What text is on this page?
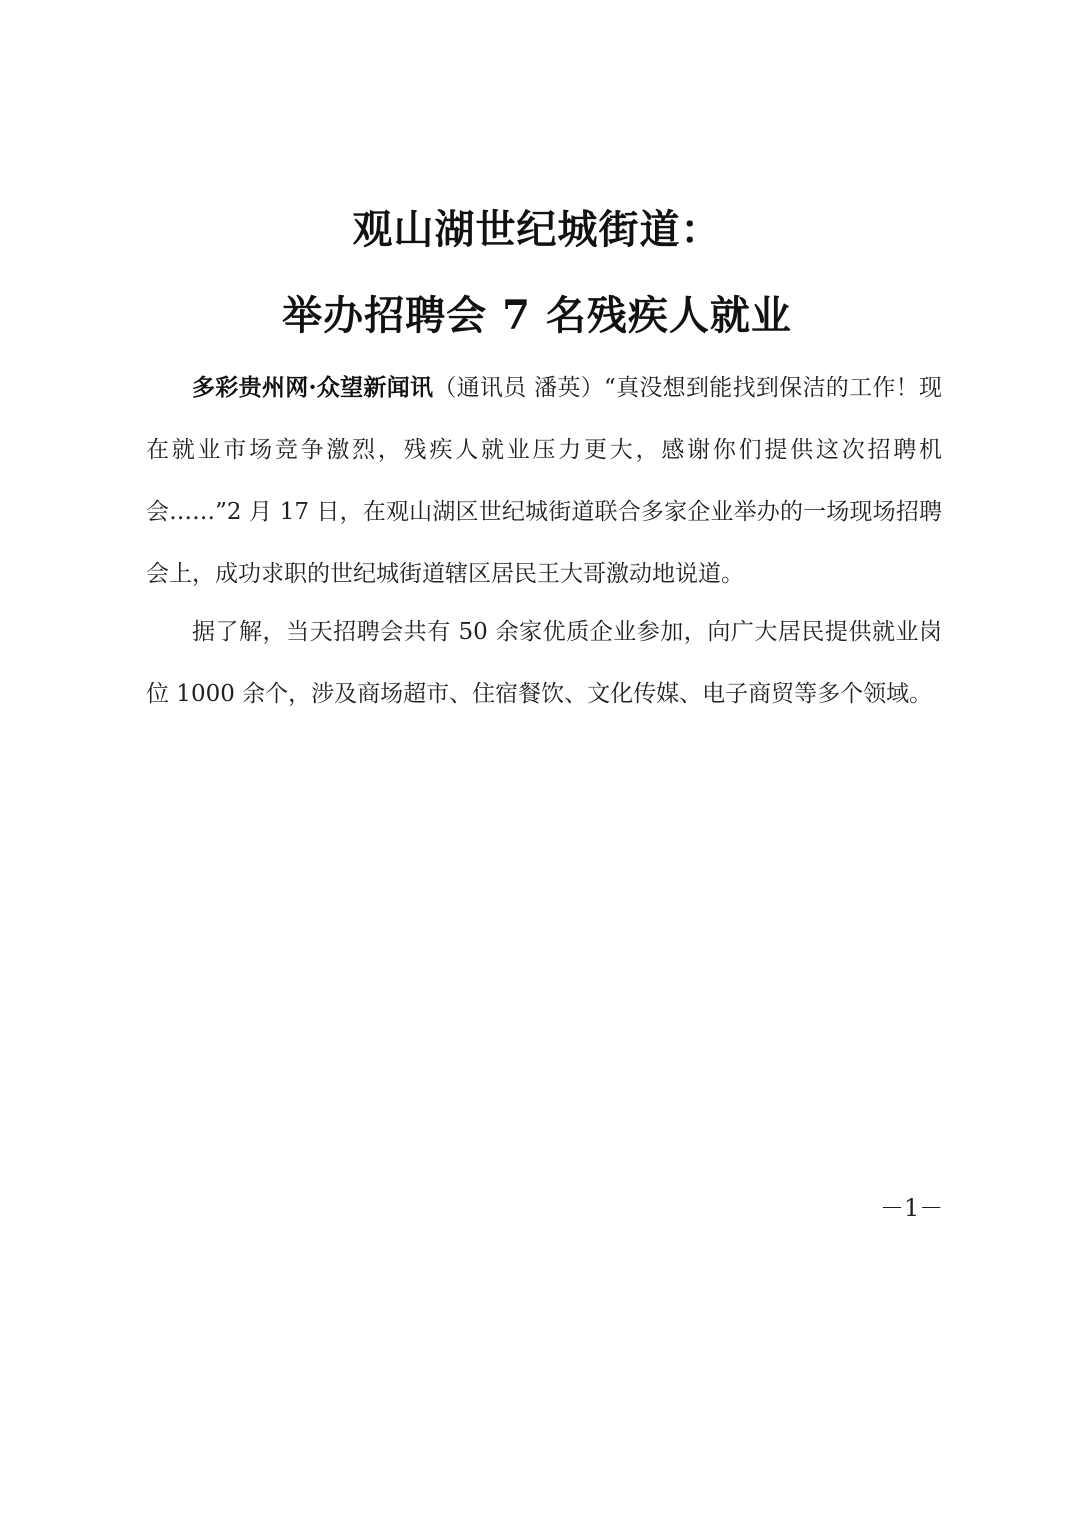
观山湖世纪城街道：
举办招聘会 7 名残疾人就业

多彩贵州网·众望新闻讯（通讯员 潘英）“真没想到能找到保洁的工作！现在就业市场竞争激烈，残疾人就业压力更大，感谢你们提供这次招聘机会……”2 月 17 日，在观山湖区世纪城街道联合多家企业举办的一场现场招聘会上，成功求职的世纪城街道辖区居民王大哥激动地说道。

据了解，当天招聘会共有 50 余家优质企业参加，向广大居民提供就业岗位 1000 余个，涉及商场超市、住宿餐饮、文化传媒、电子商贸等多个领域。

－1－
